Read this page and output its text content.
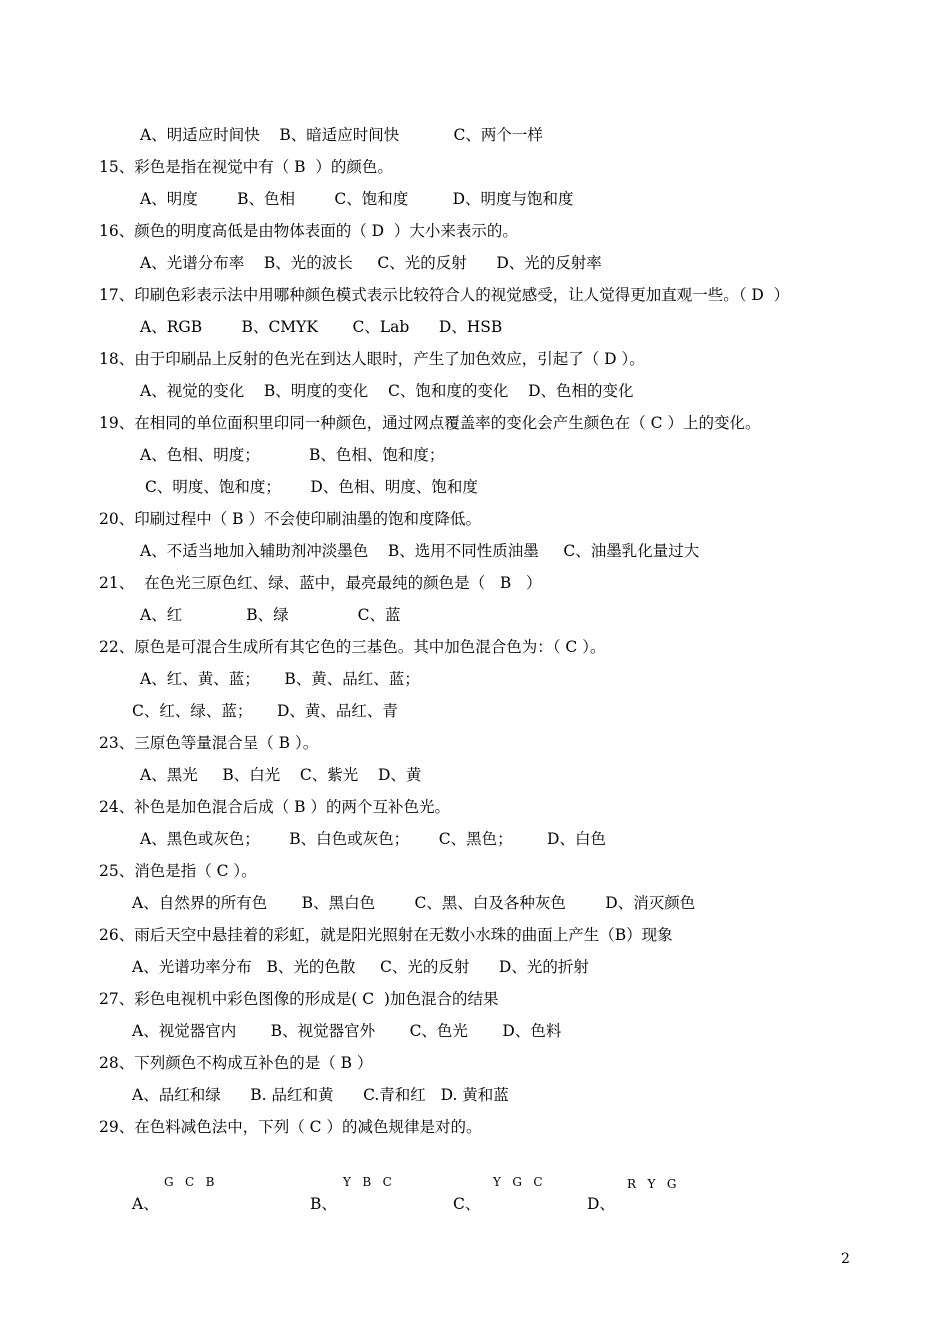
A、明适应时间快    B、暗适应时间快           C、两个一样
15、彩色是指在视觉中有（ B  ）的颜色。
A、明度        B、色相        C、饱和度         D、明度与饱和度
16、颜色的明度高低是由物体表面的（ D  ）大小来表示的。
A、光谱分布率    B、光的波长     C、光的反射      D、光的反射率
17、印刷色彩表示法中用哪种颜色模式表示比较符合人的视觉感受，让人觉得更加直观一些。（ D  ）
A、RGB        B、CMYK       C、Lab      D、HSB
18、由于印刷品上反射的色光在到达人眼时，产生了加色效应，引起了（ D ）。
A、视觉的变化    B、明度的变化    C、饱和度的变化    D、色相的变化
19、在相同的单位面积里印同一种颜色，通过网点覆盖率的变化会产生颜色在（ C ）上的变化。
A、色相、明度；          B、色相、饱和度；
C、明度、饱和度；      D、色相、明度、饱和度
20、印刷过程中（ B ）不会使印刷油墨的饱和度降低。
A、不适当地加入辅助剂冲淡墨色    B、选用不同性质油墨     C、油墨乳化量过大
21、  在色光三原色红、绿、蓝中，最亮最纯的颜色是（   B   ）
A、红             B、绿              C、蓝
22、原色是可混合生成所有其它色的三基色。其中加色混合色为：（ C ）。
A、红、黄、蓝；     B、黄、品红、蓝；
C、红、绿、蓝；     D、黄、品红、青
23、三原色等量混合呈（ B ）。
A、黑光     B、白光    C、紫光    D、黄
24、补色是加色混合后成（ B ）的两个互补色光。
A、黑色或灰色；      B、白色或灰色；      C、黑色；       D、白色
25、消色是指（ C ）。
A、自然界的所有色       B、黑白色        C、黑、白及各种灰色        D、消灭颜色
26、雨后天空中悬挂着的彩虹，就是阳光照射在无数小水珠的曲面上产生（B）现象
A、光谱功率分布   B、光的色散     C、光的反射      D、光的折射
27、彩色电视机中彩色图像的形成是( C  )加色混合的结果
A、视觉器官内       B、视觉器官外       C、色光       D、色料
28、下列颜色不构成互补色的是（ B ）
A、品红和绿      B. 品红和黄      C.青和红   D. 黄和蓝
29、在色料减色法中，下列（ C ）的减色规律是对的。
G   C   B
A、
Y   B   C
B、
Y   G   C
C、
R   Y   G
D、
2
